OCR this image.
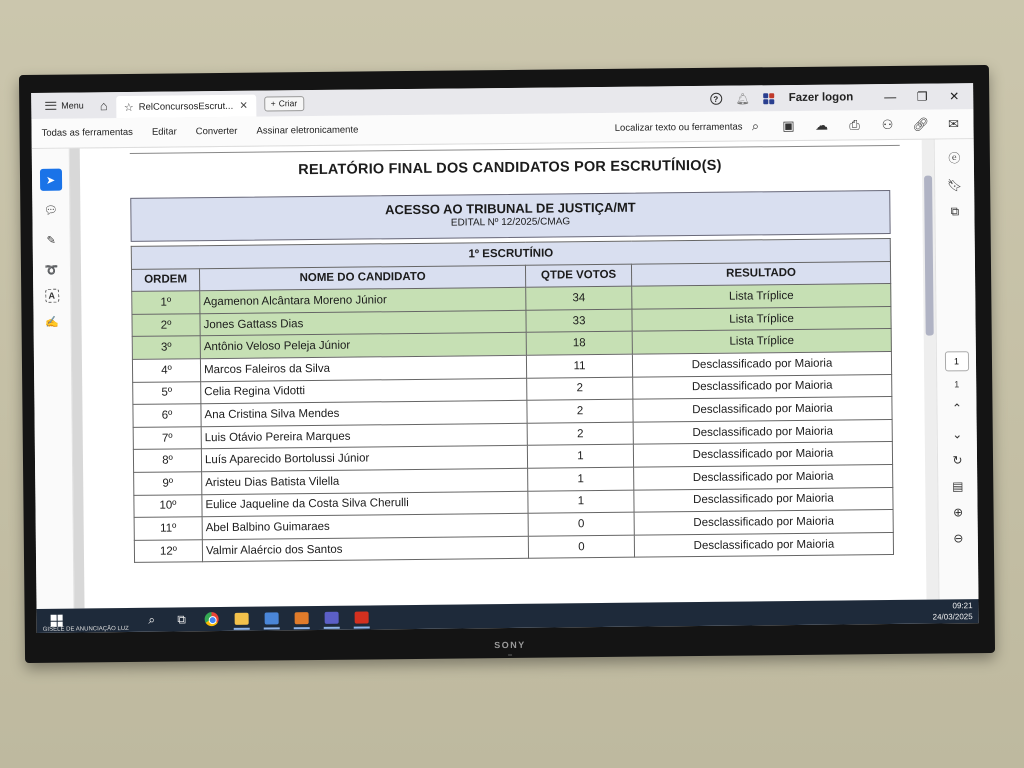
Menu	⌂	☆ RelConcursosEscrut... ✕	+ Criar	?	🔔︎	Fazer logon	—	❐	✕
Todas as ferramentas Editar Converter Assinar eletronicamente	Localizar texto ou ferramentas ⌕	▣ ☁ ⎙ ⚇ 🔗︎ ✉
➤
💬︎
✎
➰
A
✍
RELATÓRIO FINAL DOS CANDIDATOS POR ESCRUTÍNIO(S)
ACESSO AO TRIBUNAL DE JUSTIÇA/MT
EDITAL Nº 12/2025/CMAG
1º ESCRUTÍNIO			
ORDEM	NOME DO CANDIDATO	QTDE VOTOS	RESULTADO
1º	Agamenon Alcântara Moreno Júnior	34	Lista Tríplice
2º	Jones Gattass Dias	33	Lista Tríplice
3º	Antônio Veloso Peleja Júnior	18	Lista Tríplice
4º	Marcos Faleiros da Silva	11	Desclassificado por Maioria
5º	Celia Regina Vidotti	2	Desclassificado por Maioria
6º	Ana Cristina Silva Mendes	2	Desclassificado por Maioria
7º	Luis Otávio Pereira Marques	2	Desclassificado por Maioria
8º	Luís Aparecido Bortolussi Júnior	1	Desclassificado por Maioria
9º	Aristeu Dias Batista Vilella	1	Desclassificado por Maioria
10º	Eulice Jaqueline da Costa Silva Cherulli	1	Desclassificado por Maioria
11º	Abel Balbino Guimaraes	0	Desclassificado por Maioria
12º	Valmir Alaércio dos Santos	0	Desclassificado por Maioria
ⓔ
🔖︎
⧉
1
1
⌃
⌄
↻
▤
⊕
⊖
GISELE DE ANUNCIAÇÃO LUZ
⌕	⧉
09:21
24/03/2025
SONY
